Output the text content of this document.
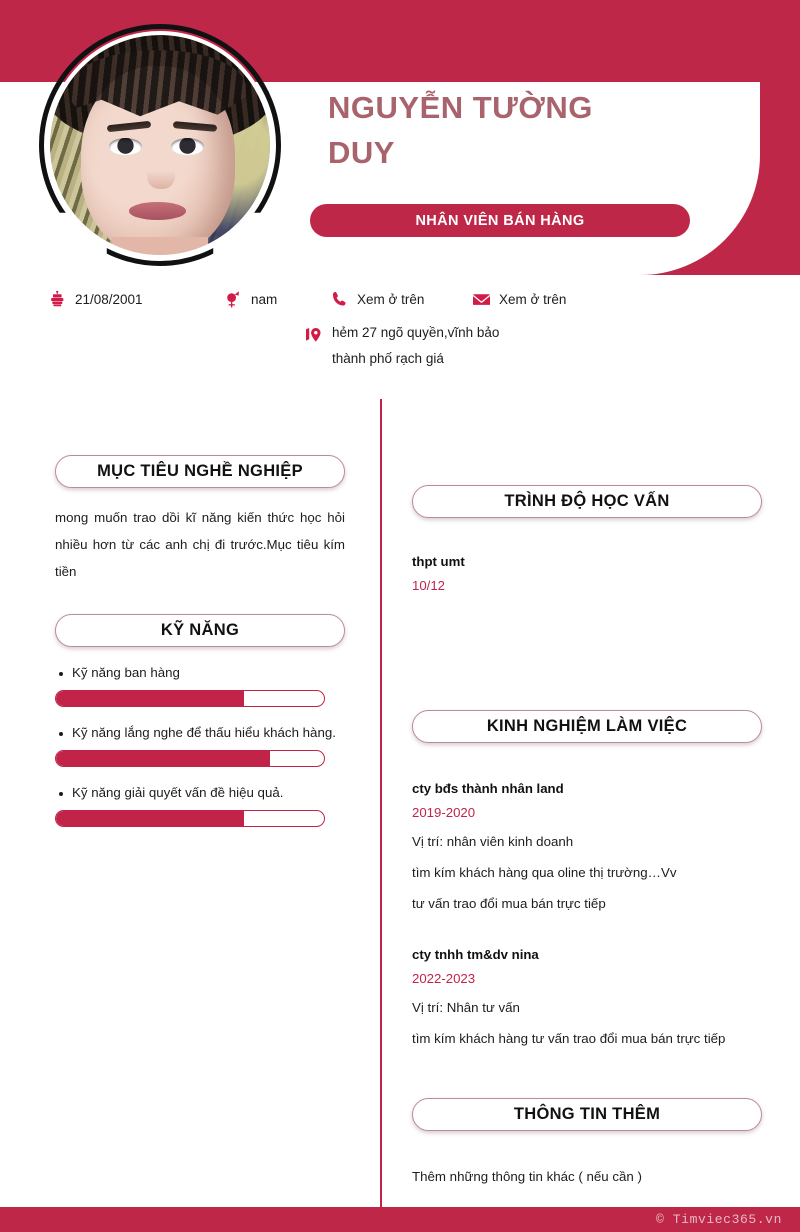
NGUYỄN TƯỜNG DUY
NHÂN VIÊN BÁN HÀNG
21/08/2001	nam	Xem ở trên	Xem ở trên
hẻm 27 ngõ quyền,vĩnh bảo
thành phố rạch giá
MỤC TIÊU NGHỀ NGHIỆP
mong muốn trao dồi kĩ năng kiến thức học hỏi nhiều hơn từ các anh chị đi trước.Mục tiêu kím tiền
KỸ NĂNG
Kỹ năng ban hàng
Kỹ năng lắng nghe để thấu hiểu khách hàng.
Kỹ năng giải quyết vấn đề hiệu quả.
TRÌNH ĐỘ HỌC VẤN
thpt umt
10/12
KINH NGHIỆM LÀM VIỆC
cty bđs thành nhân land
2019-2020
Vị trí: nhân viên kinh doanh
tìm kím khách hàng qua oline thị trường…Vv
tư vấn trao đổi mua bán trực tiếp
cty tnhh tm&dv nina
2022-2023
Vị trí: Nhân tư vấn
tìm kím khách hàng tư vấn trao đổi mua bán trực tiếp
THÔNG TIN THÊM
Thêm những thông tin khác ( nếu cần )
© Timviec365.vn
